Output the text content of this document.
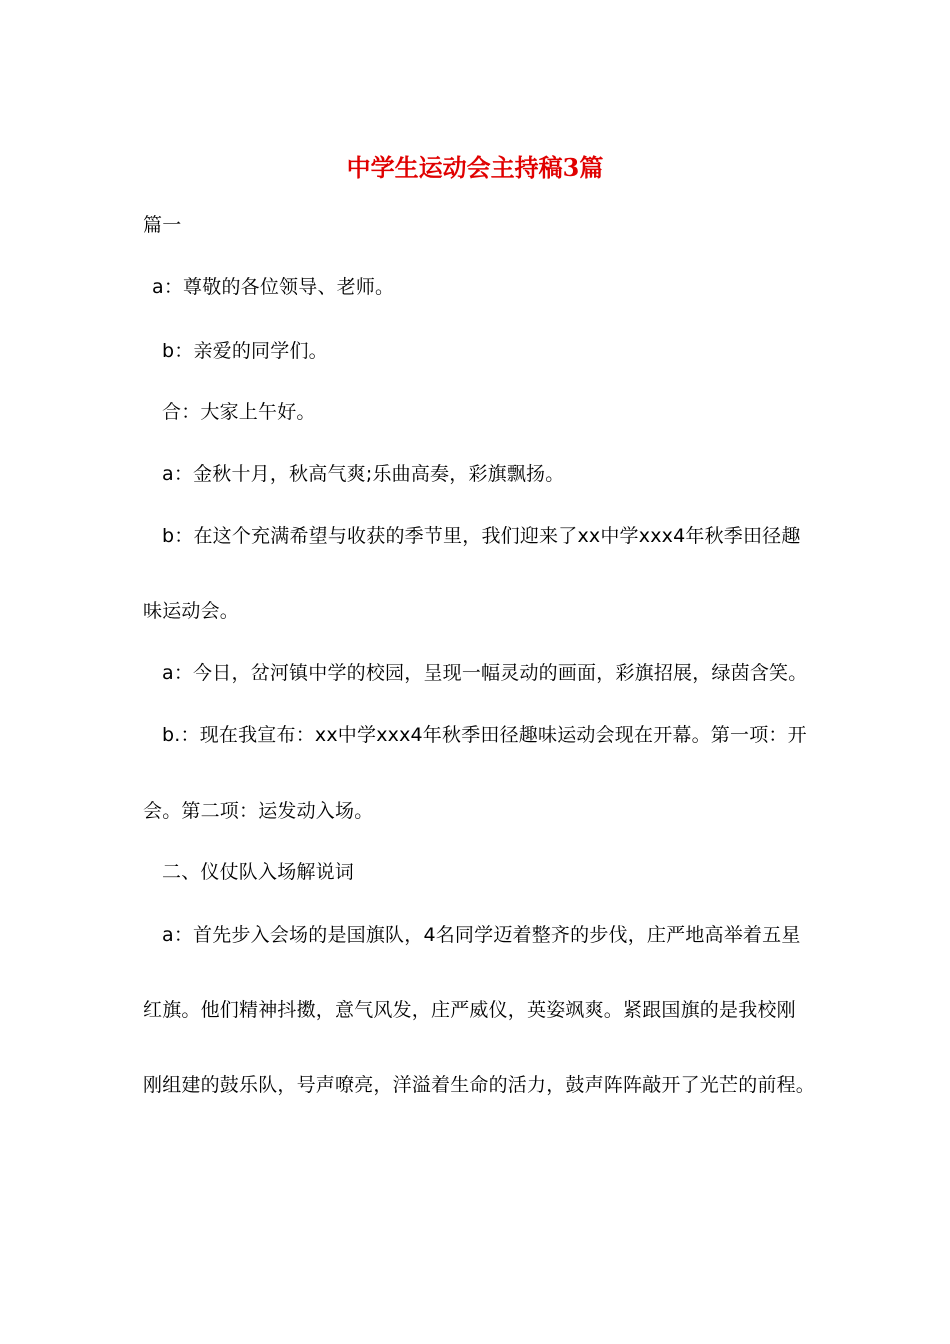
中学生运动会主持稿3篇
篇一
a：尊敬的各位领导、老师。
b：亲爱的同学们。
合：大家上午好。
a：金秋十月，秋高气爽;乐曲高奏，彩旗飘扬。
b：在这个充满希望与收获的季节里，我们迎来了xx中学xxx4年秋季田径趣
味运动会。
a：今日，岔河镇中学的校园，呈现一幅灵动的画面，彩旗招展，绿茵含笑。
b.：现在我宣布：xx中学xxx4年秋季田径趣味运动会现在开幕。第一项：开
会。第二项：运发动入场。
二、仪仗队入场解说词
a：首先步入会场的是国旗队，4名同学迈着整齐的步伐，庄严地高举着五星
红旗。他们精神抖擞，意气风发，庄严威仪，英姿飒爽。紧跟国旗的是我校刚
刚组建的鼓乐队，号声嘹亮，洋溢着生命的活力，鼓声阵阵敲开了光芒的前程。
